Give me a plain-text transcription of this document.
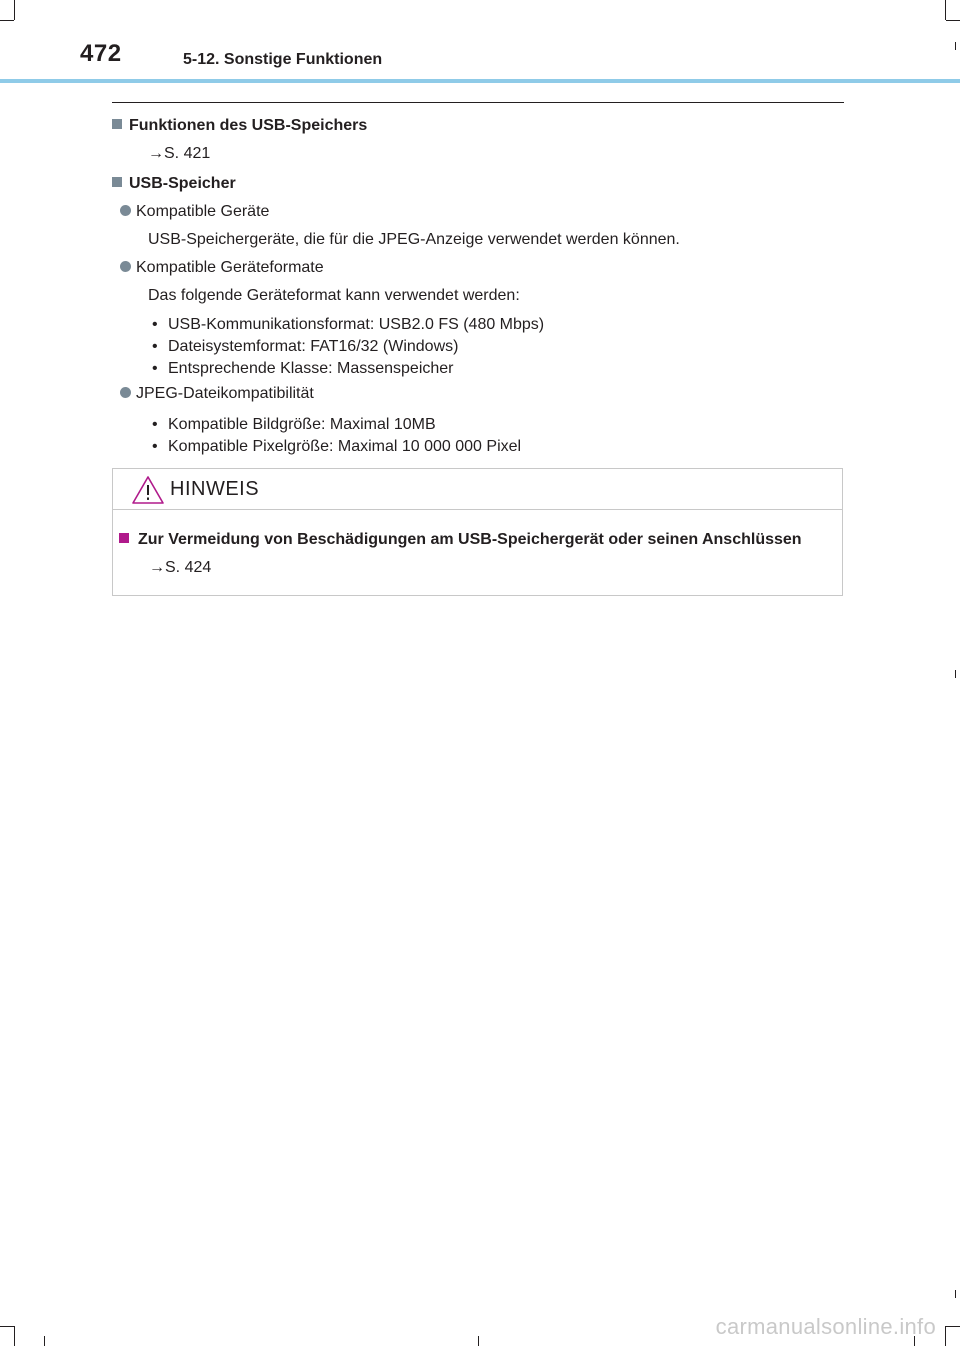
472	5-12. Sonstige Funktionen
Funktionen des USB-Speichers
→S. 421
USB-Speicher
Kompatible Geräte
USB-Speichergeräte, die für die JPEG-Anzeige verwendet werden können.
Kompatible Geräteformate
Das folgende Geräteformat kann verwendet werden:
• USB-Kommunikationsformat: USB2.0 FS (480 Mbps)
• Dateisystemformat: FAT16/32 (Windows)
• Entsprechende Klasse: Massenspeicher
JPEG-Dateikompatibilität
• Kompatible Bildgröße: Maximal 10MB
• Kompatible Pixelgröße: Maximal 10 000 000 Pixel
HINWEIS
Zur Vermeidung von Beschädigungen am USB-Speichergerät oder seinen Anschlüssen
→S. 424
carmanualsonline.info
